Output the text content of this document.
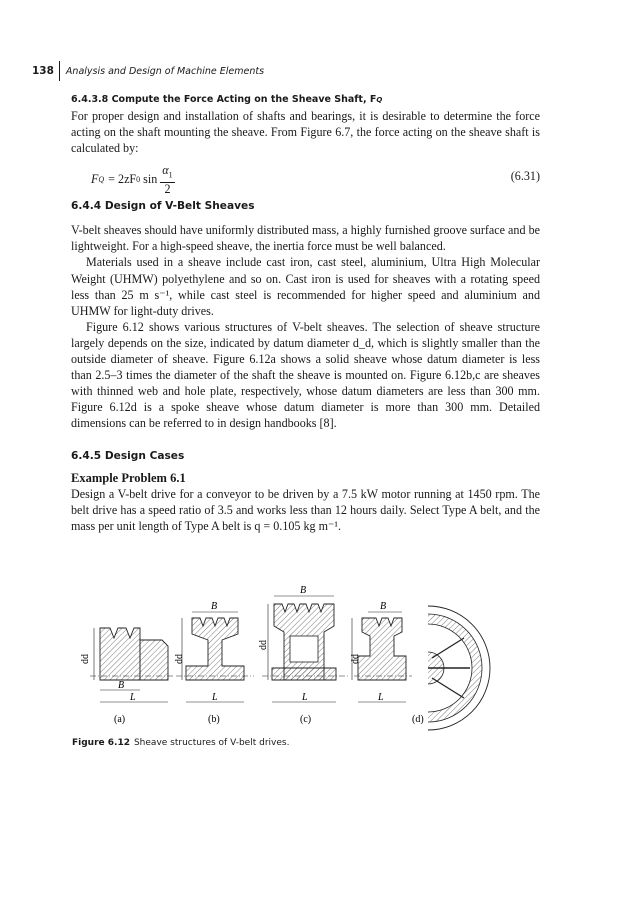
138	Analysis and Design of Machine Elements
6.4.3.8 Compute the Force Acting on the Sheave Shaft, FQ

For proper design and installation of shafts and bearings, it is desirable to determine the force acting on the shaft mounting the sheave. From Figure 6.7, the force acting on the sheave shaft is calculated by:

F Q = 2zF 0 $\sin \frac{\alpha_1}{2}$	(6.31)
6.4.4 Design of V-Belt Sheaves

V-belt sheaves should have uniformly distributed mass, a highly furnished groove surface and be lightweight. For a high-speed sheave, the inertia force must be well balanced.

Materials used in a sheave include cast iron, cast steel, aluminium, Ultra High Molecular Weight (UHMW) polyethylene and so on. Cast iron is used for sheaves with a rotating speed less than 25 m s⁻¹, while cast steel is recommended for higher speed and aluminium and UHMW for light-duty drives.

Figure 6.12 shows various structures of V-belt sheaves. The selection of sheave structure largely depends on the size, indicated by datum diameter d_d, which is slightly smaller than the outside diameter of sheave. Figure 6.12a shows a solid sheave whose datum diameter is less than 2.5–3 times the diameter of the shaft the sheave is mounted on. Figure 6.12b,c are sheaves with thinned web and hole plate, respectively, whose datum diameters are less than 300 mm. Figure 6.12d is a spoke sheave whose datum diameter is more than 300 mm. Detailed dimensions can be referred to in design handbooks [8].

6.4.5 Design Cases
Example Problem 6.1

Design a V-belt drive for a conveyor to be driven by a 7.5 kW motor running at 1450 rpm. The belt drive has a speed ratio of 3.5 and works less than 12 hours daily. Select Type A belt, and the mass per unit length of Type A belt is q = 0.105 kg m⁻¹.

dd
B
L
(a)
dd
B
L
(b)
dd
B
L
(c)
dd
B
L
(d)
Figure 6.12 Sheave structures of V-belt drives.
